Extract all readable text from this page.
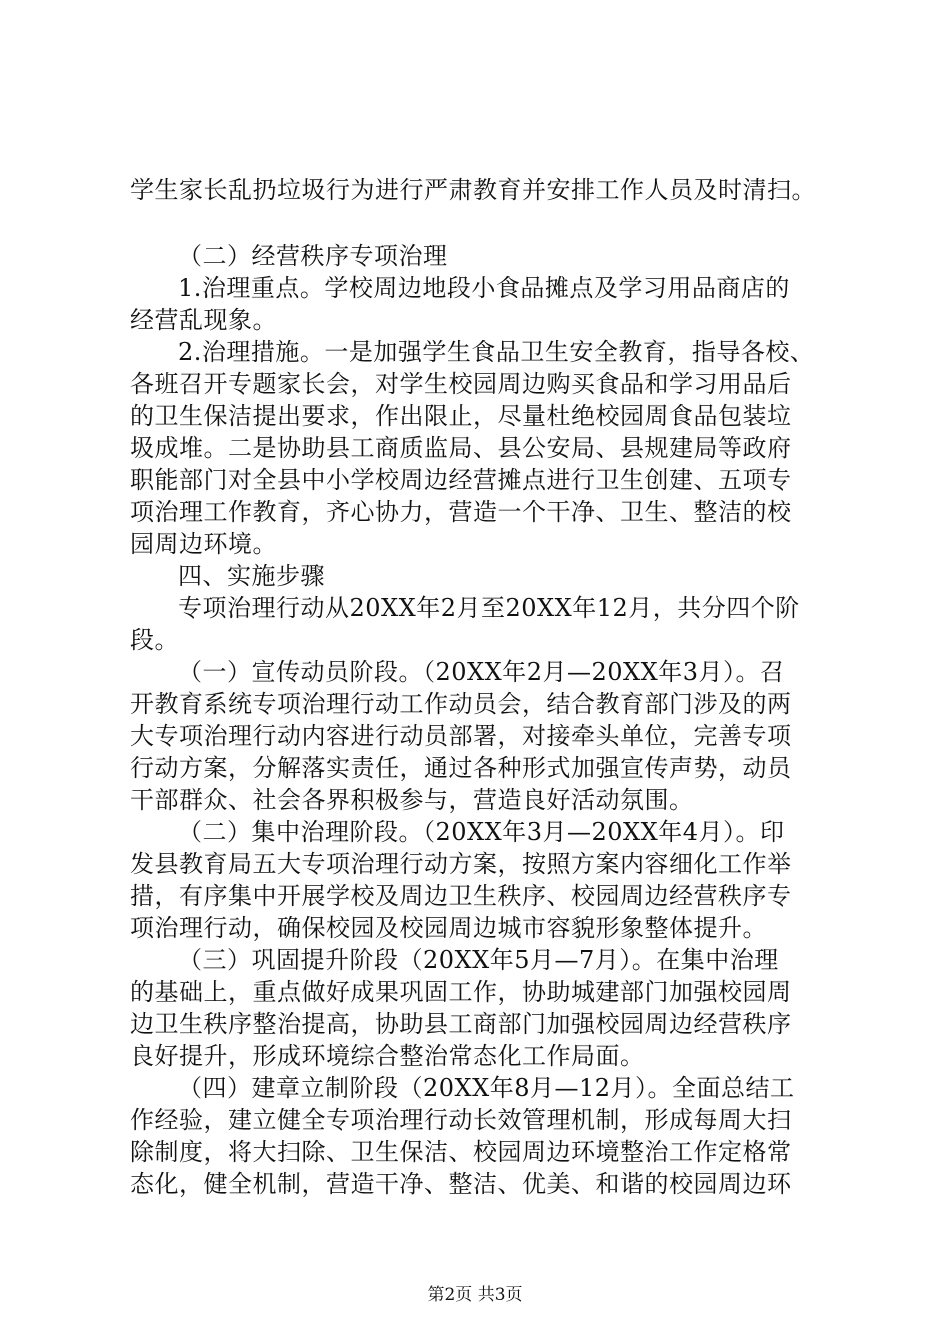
学生家长乱扔垃圾行为进行严肃教育并安排工作人员及时清扫。
（二）经营秩序专项治理
1.治理重点。学校周边地段小食品摊点及学习用品商店的
经营乱现象。
2.治理措施。一是加强学生食品卫生安全教育，指导各校、
各班召开专题家长会，对学生校园周边购买食品和学习用品后
的卫生保洁提出要求，作出限止，尽量杜绝校园周食品包装垃
圾成堆。二是协助县工商质监局、县公安局、县规建局等政府
职能部门对全县中小学校周边经营摊点进行卫生创建、五项专
项治理工作教育，齐心协力，营造一个干净、卫生、整洁的校
园周边环境。
四、实施步骤
专项治理行动从20XX年2月至20XX年12月，共分四个阶
段。
（一）宣传动员阶段。（20XX年2月—20XX年3月）。召
开教育系统专项治理行动工作动员会，结合教育部门涉及的两
大专项治理行动内容进行动员部署，对接牵头单位，完善专项
行动方案，分解落实责任，通过各种形式加强宣传声势，动员
干部群众、社会各界积极参与，营造良好活动氛围。
（二）集中治理阶段。（20XX年3月—20XX年4月）。印
发县教育局五大专项治理行动方案，按照方案内容细化工作举
措，有序集中开展学校及周边卫生秩序、校园周边经营秩序专
项治理行动，确保校园及校园周边城市容貌形象整体提升。
（三）巩固提升阶段（20XX年5月—7月）。在集中治理
的基础上，重点做好成果巩固工作，协助城建部门加强校园周
边卫生秩序整治提高，协助县工商部门加强校园周边经营秩序
良好提升，形成环境综合整治常态化工作局面。
（四）建章立制阶段（20XX年8月—12月）。全面总结工
作经验，建立健全专项治理行动长效管理机制，形成每周大扫
除制度，将大扫除、卫生保洁、校园周边环境整治工作定格常
态化，健全机制，营造干净、整洁、优美、和谐的校园周边环
第2页 共3页
